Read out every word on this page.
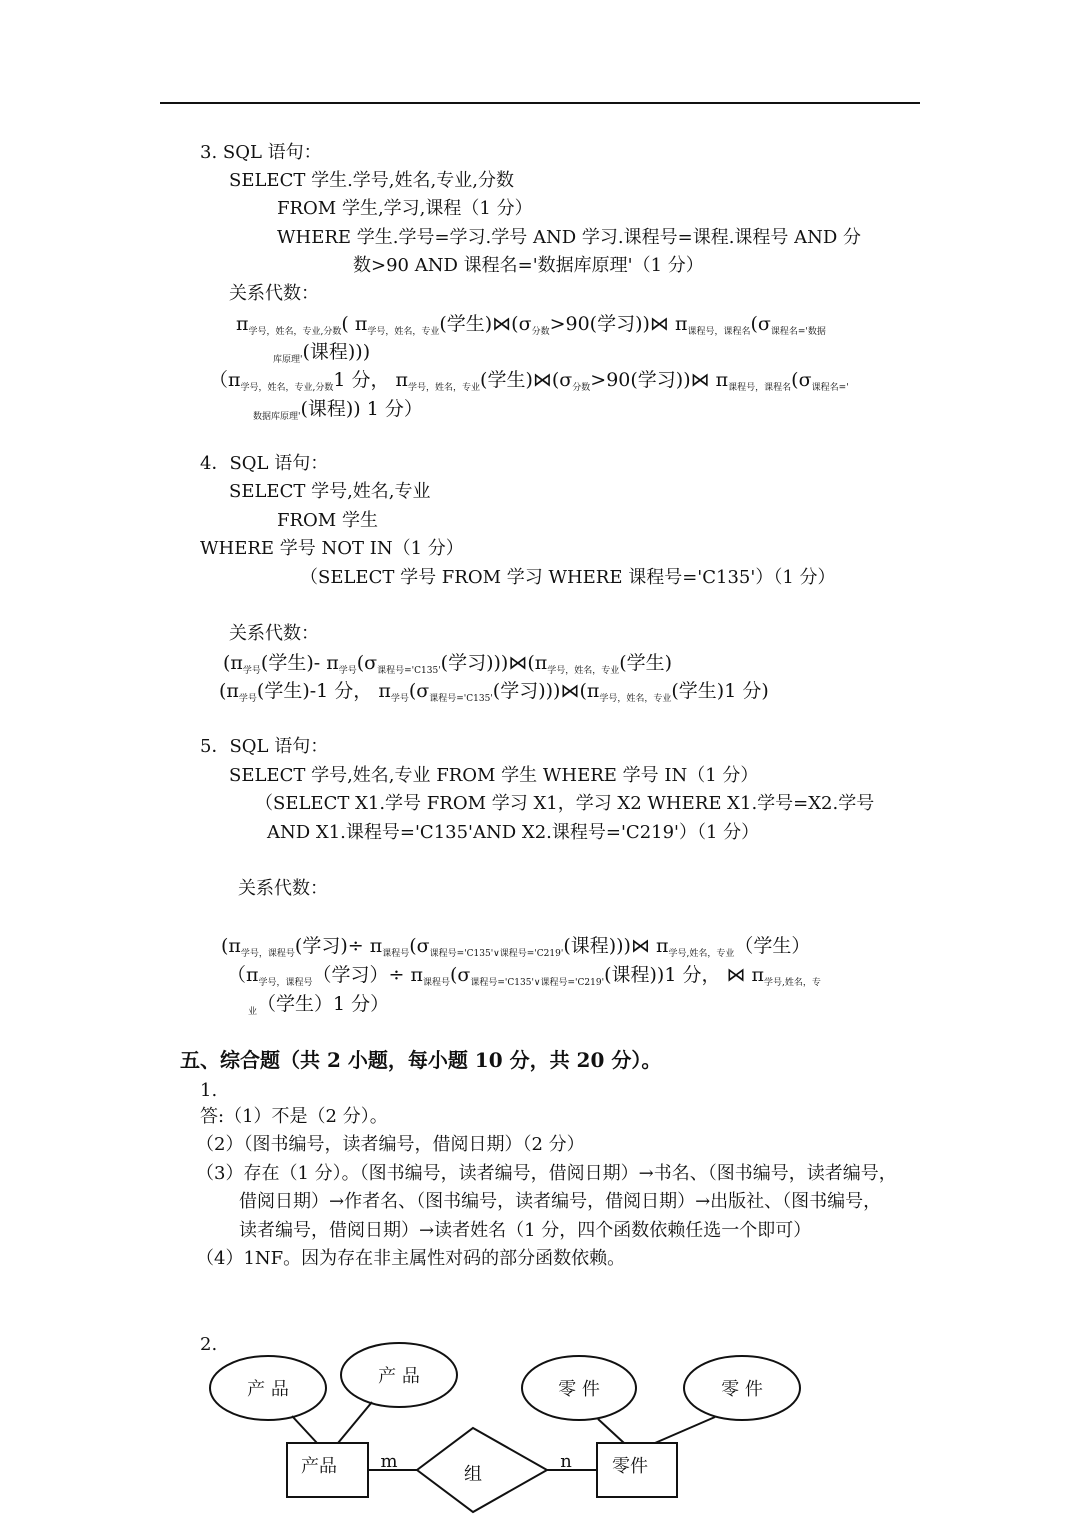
3. SQL 语句：
SELECT 学生.学号,姓名,专业,分数
FROM 学生,学习,课程（1 分）
WHERE 学生.学号=学习.学号 AND 学习.课程号=课程.课程号 AND 分
数>90 AND 课程名='数据库原理'（1 分）
关系代数：
$\pi_{学号,姓名,专业,分数}$( $\pi_{学号,姓名,专业}$(学生)$⋈(\sigma_{分数}>90$(学习))⋈ $\pi_{课程号,课程名}(\sigma_{课程名='数据}$
$_{库原理'}$(课程)))
（$\pi_{学号,姓名,专业,分数}1$ 分， $\pi_{学号,姓名,专业}$(学生)$⋈(\sigma_{分数}>90$(学习))⋈ $\pi_{课程号,课程名}(\sigma_{课程名='}$
$_{数据库原理'}$(课程)) 1 分）
4．SQL 语句：
SELECT 学号,姓名,专业
FROM 学生
WHERE 学号 NOT IN（1 分）
（SELECT 学号 FROM 学习 WHERE 课程号='C135'）（1 分）
关系代数：
($\pi_{学号}$(学生)- $\pi_{学号}(\sigma_{课程号='C135'}$(学习)))$⋈(\pi_{学号,姓名,专业}$(学生)
($\pi_{学号}$(学生)-1 分， $\pi_{学号}(\sigma_{课程号='C135'}$(学习)))$⋈(\pi_{学号,姓名,专业}$(学生)1 分)
5．SQL 语句：
SELECT 学号,姓名,专业 FROM 学生 WHERE 学号 IN（1 分）
（SELECT X1.学号 FROM 学习 X1，学习 X2 WHERE X1.学号=X2.学号
AND X1.课程号='C135'AND X2.课程号='C219'）（1 分）
关系代数：
($\pi_{学号,课程号}$(学习)÷ $\pi_{课程号}(\sigma_{课程号='C135'\vee 课程号='C219'}$(课程)))⋈ $\pi_{学号,姓名,专业}$（学生）
（$\pi_{学号,课程号}$（学习）÷ $\pi_{课程号}(\sigma_{课程号='C135'\vee 课程号='C219'}$(课程))1 分， ⋈ $\pi_{学号,姓名,专}$
$_业$（学生）1 分）
五、综合题（共 2 小题，每小题 10 分，共 20 分）。
1.
答:（1）不是（2 分）。
（2）（图书编号，读者编号，借阅日期）（2 分）
（3）存在（1 分）。（图书编号，读者编号，借阅日期）→书名、（图书编号，读者编号，
借阅日期）→作者名、（图书编号，读者编号，借阅日期）→出版社、（图书编号，
读者编号，借阅日期）→读者姓名（1 分，四个函数依赖任选一个即可）
（4）1NF。因为存在非主属性对码的部分函数依赖。
2.
产 品
产 品
零 件	零 件
产品	零件
组
m	n
